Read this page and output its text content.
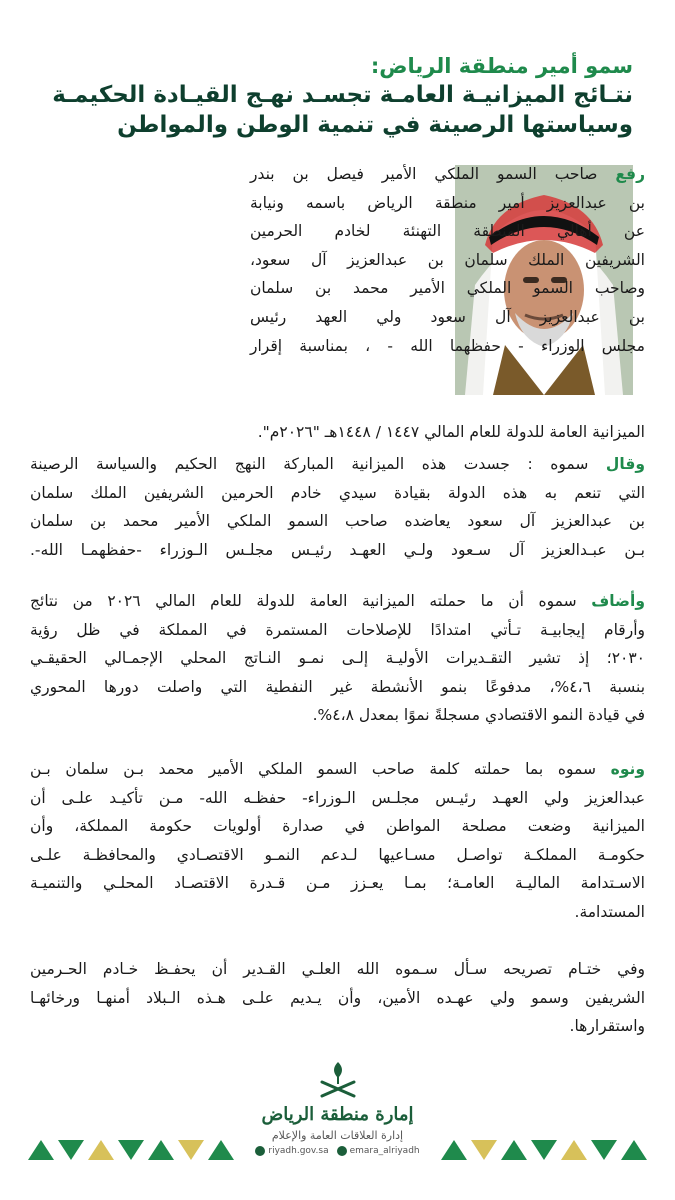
سمو أمير منطقة الرياض:
نتـائج الميزانيـة العامـة تجسـد نهـج القيـادة الحكيمـة
وسياستها الرصينة في تنمية الوطن والمواطن

رفع صاحب السمو الملكي الأمير فيصل بن بندر
بن عبدالعزيز أمير منطقة الرياض باسمه ونيابة
عن أهالي المنطقة التهنئة لخادم الحرمين
الشريفين الملك سلمان بن عبدالعزيز آل سعود،
وصاحب السمو الملكي الأمير محمد بن سلمان
بن عبدالعزيز آل سعود ولي العهد رئيس
مجلس الوزراء - حفظهما الله - ، بمناسبة إقرار

الميزانية العامة للدولة للعام المالي ١٤٤٧ / ١٤٤٨هـ "٢٠٢٦م".

وقال سموه : جسدت هذه الميزانية المباركة النهج الحكيم والسياسة الرصينة
التي تنعم به هذه الدولة بقيادة سيدي خادم الحرمين الشريفين الملك سلمان
بن عبدالعزيز آل سعود يعاضده صاحب السمو الملكي الأمير محمد بن سلمان
بـن عبـدالعزيز آل سـعود ولـي العهـد رئيـس مجلـس الـوزراء -حفظهمـا الله-.

وأضاف سموه أن ما حملته الميزانية العامة للدولة للعام المالي ٢٠٢٦ من نتائج
وأرقام إيجابيـة تـأتي امتدادًا للإصلاحات المستمرة في المملكة في ظل رؤية
٢٠٣٠؛ إذ تشير التقـديرات الأوليـة إلـى نمـو النـاتج المحلي الإجمـالي الحقيقـي
بنسبة ٤،٦%، مدفوعًا بنمو الأنشطة غير النفطية التي واصلت دورها المحوري
في قيادة النمو الاقتصادي مسجلةً نموًا بمعدل ٤،٨%.

ونوه سموه بما حملته كلمة صاحب السمو الملكي الأمير محمد بـن سلمان بـن
عبدالعزيز ولي العهـد رئيـس مجلـس الـوزراء- حفظـه الله- مـن تأكيـد علـى أن
الميزانية وضعت مصلحة المواطن في صدارة أولويات حكومة المملكة، وأن
حكومـة المملكـة تواصـل مسـاعيها لـدعم النمـو الاقتصـادي والمحافظـة علـى
الاسـتدامة الماليـة العامـة؛ بمـا يعـزز مـن قـدرة الاقتصـاد المحلـي والتنميـة
المستدامة.

وفي ختـام تصريحه سـأل سـموه الله العلـي القـدير أن يحفـظ خـادم الحـرمين
الشريفين وسمو ولي عهـده الأمين، وأن يـديم علـى هـذه الـبلاد أمنهـا ورخائهـا
واستقرارها.

إمارة منطقة الرياض
إدارة العلاقات العامة والإعلام
riyadh.gov.sa emara_alriyadh
